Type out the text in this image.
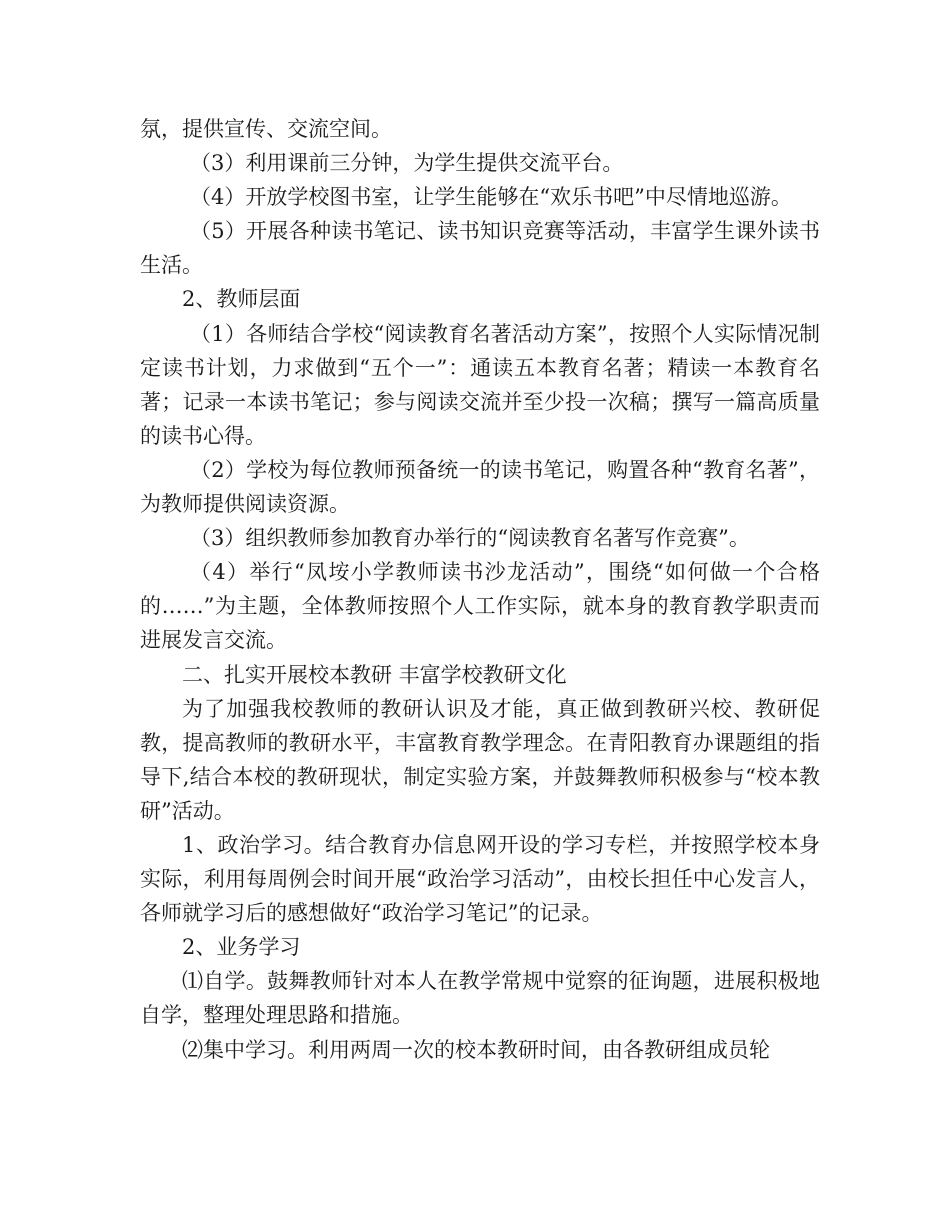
氛，提供宣传、交流空间。

（3）利用课前三分钟，为学生提供交流平台。

（4）开放学校图书室，让学生能够在“欢乐书吧”中尽情地巡游。

（5）开展各种读书笔记、读书知识竞赛等活动，丰富学生课外读书生活。

2、教师层面

（1）各师结合学校“阅读教育名著活动方案”，按照个人实际情况制定读书计划，力求做到“五个一”：通读五本教育名著；精读一本教育名著；记录一本读书笔记；参与阅读交流并至少投一次稿；撰写一篇高质量的读书心得。

（2）学校为每位教师预备统一的读书笔记，购置各种“教育名著”，为教师提供阅读资源。

（3）组织教师参加教育办举行的“阅读教育名著写作竞赛”。

（4）举行“凤垵小学教师读书沙龙活动”，围绕“如何做一个合格的……”为主题，全体教师按照个人工作实际，就本身的教育教学职责而进展发言交流。

二、扎实开展校本教研 丰富学校教研文化

为了加强我校教师的教研认识及才能，真正做到教研兴校、教研促教，提高教师的教研水平，丰富教育教学理念。在青阳教育办课题组的指导下,结合本校的教研现状，制定实验方案，并鼓舞教师积极参与“校本教研”活动。

1、政治学习。结合教育办信息网开设的学习专栏，并按照学校本身实际，利用每周例会时间开展“政治学习活动”，由校长担任中心发言人，各师就学习后的感想做好“政治学习笔记”的记录。

2、业务学习

⑴自学。鼓舞教师针对本人在教学常规中觉察的征询题，进展积极地自学，整理处理思路和措施。

⑵集中学习。利用两周一次的校本教研时间，由各教研组成员轮
